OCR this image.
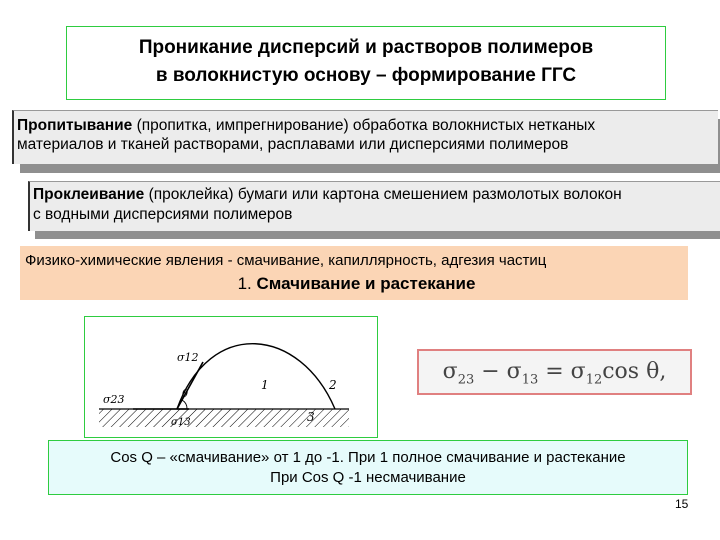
Проникание дисперсий и растворов полимеров
в волокнистую основу – формирование ГГС
Пропитывание (пропитка, импрегнирование) обработка волокнистых нетканых
материалов и тканей растворами, расплавами или дисперсиями полимеров
Проклеивание (проклейка) бумаги или картона смешением размолотых волокон
с водными дисперсиями полимеров
Физико-химические явления - смачивание, капиллярность, адгезия частиц
1. Смачивание и растекание
σ12
σ23
σ13
θ
1	2
3
$\sigma_{23} - \sigma_{13} = \sigma_{12}\cos$ θ,
Cos Q – «смачивание» от 1 до -1. При 1 полное смачивание и растекание
При Cos Q -1 несмачивание
15
